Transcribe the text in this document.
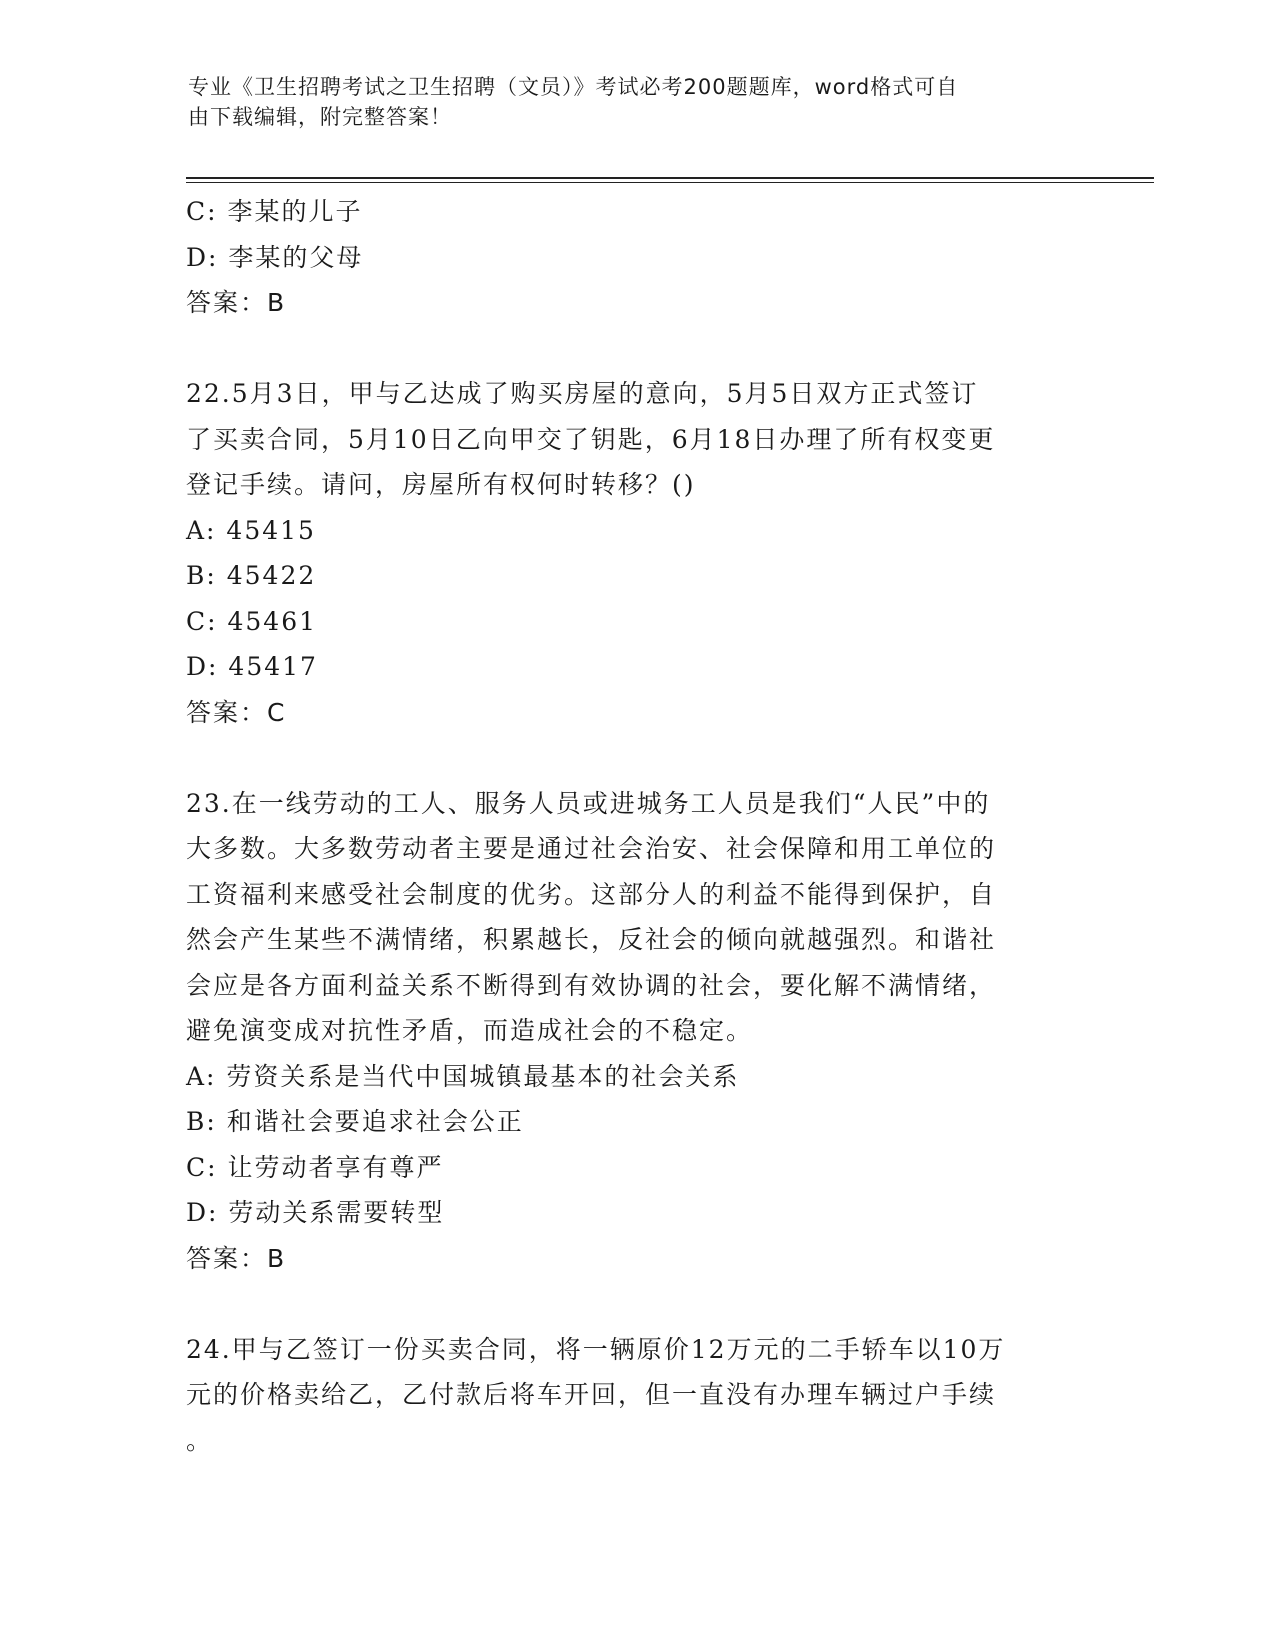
专业《卫生招聘考试之卫生招聘（文员）》考试必考200题题库，word格式可自
由下载编辑，附完整答案！
C: 李某的儿子
D: 李某的父母
答案：B
22.5月3日，甲与乙达成了购买房屋的意向，5月5日双方正式签订
了买卖合同，5月10日乙向甲交了钥匙，6月18日办理了所有权变更
登记手续。请问，房屋所有权何时转移？()
A: 45415
B: 45422
C: 45461
D: 45417
答案：C
23.在一线劳动的工人、服务人员或进城务工人员是我们“人民”中的
大多数。大多数劳动者主要是通过社会治安、社会保障和用工单位的
工资福利来感受社会制度的优劣。这部分人的利益不能得到保护，自
然会产生某些不满情绪，积累越长，反社会的倾向就越强烈。和谐社
会应是各方面利益关系不断得到有效协调的社会，要化解不满情绪，
避免演变成对抗性矛盾，而造成社会的不稳定。
A: 劳资关系是当代中国城镇最基本的社会关系
B: 和谐社会要追求社会公正
C: 让劳动者享有尊严
D: 劳动关系需要转型
答案：B
24.甲与乙签订一份买卖合同，将一辆原价12万元的二手轿车以10万
元的价格卖给乙，乙付款后将车开回，但一直没有办理车辆过户手续
。
